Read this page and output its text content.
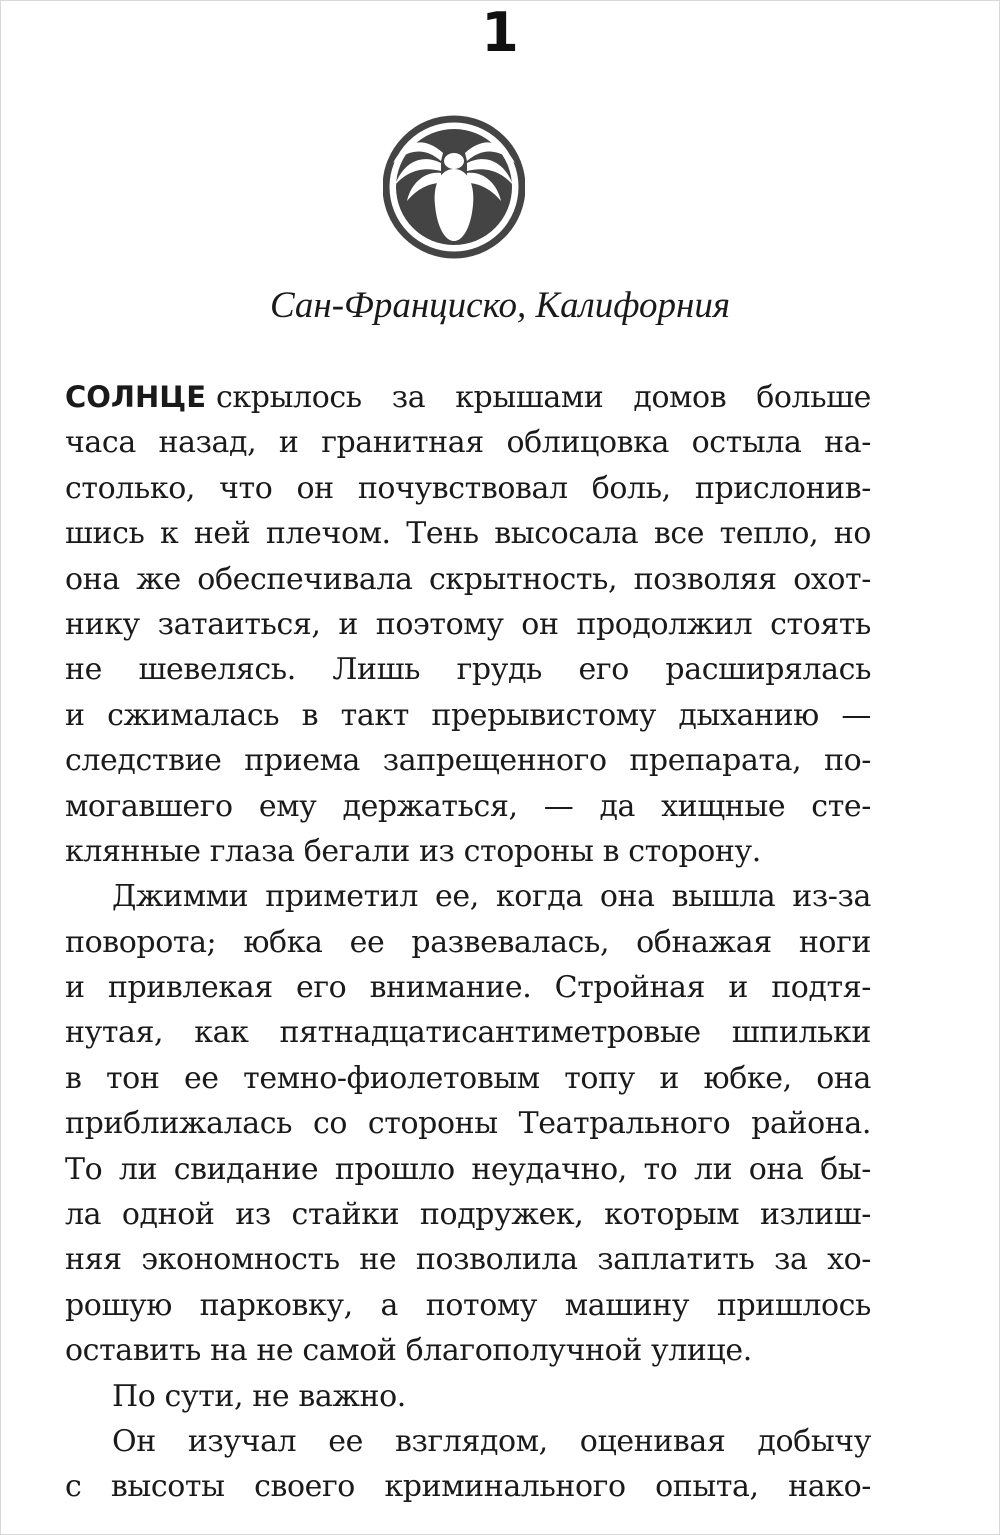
1
Сан-Франциско, Калифорния
СОЛНЦЕ скрылось за крышами домов больше
часа назад, и гранитная облицовка остыла на-
столько, что он почувствовал боль, прислонив-
шись к ней плечом. Тень высосала все тепло, но
она же обеспечивала скрытность, позволяя охот-
нику затаиться, и поэтому он продолжил стоять
не шевелясь. Лишь грудь его расширялась
и сжималась в такт прерывистому дыханию —
следствие приема запрещенного препарата, по-
могавшего ему держаться, — да хищные сте-
клянные глаза бегали из стороны в сторону.
Джимми приметил ее, когда она вышла из-за
поворота; юбка ее развевалась, обнажая ноги
и привлекая его внимание. Стройная и подтя-
нутая, как пятнадцатисантиметровые шпильки
в тон ее темно-фиолетовым топу и юбке, она
приближалась со стороны Театрального района.
То ли свидание прошло неудачно, то ли она бы-
ла одной из стайки подружек, которым излиш-
няя экономность не позволила заплатить за хо-
рошую парковку, а потому машину пришлось
оставить на не самой благополучной улице.
По сути, не важно.
Он изучал ее взглядом, оценивая добычу
с высоты своего криминального опыта, нако-
